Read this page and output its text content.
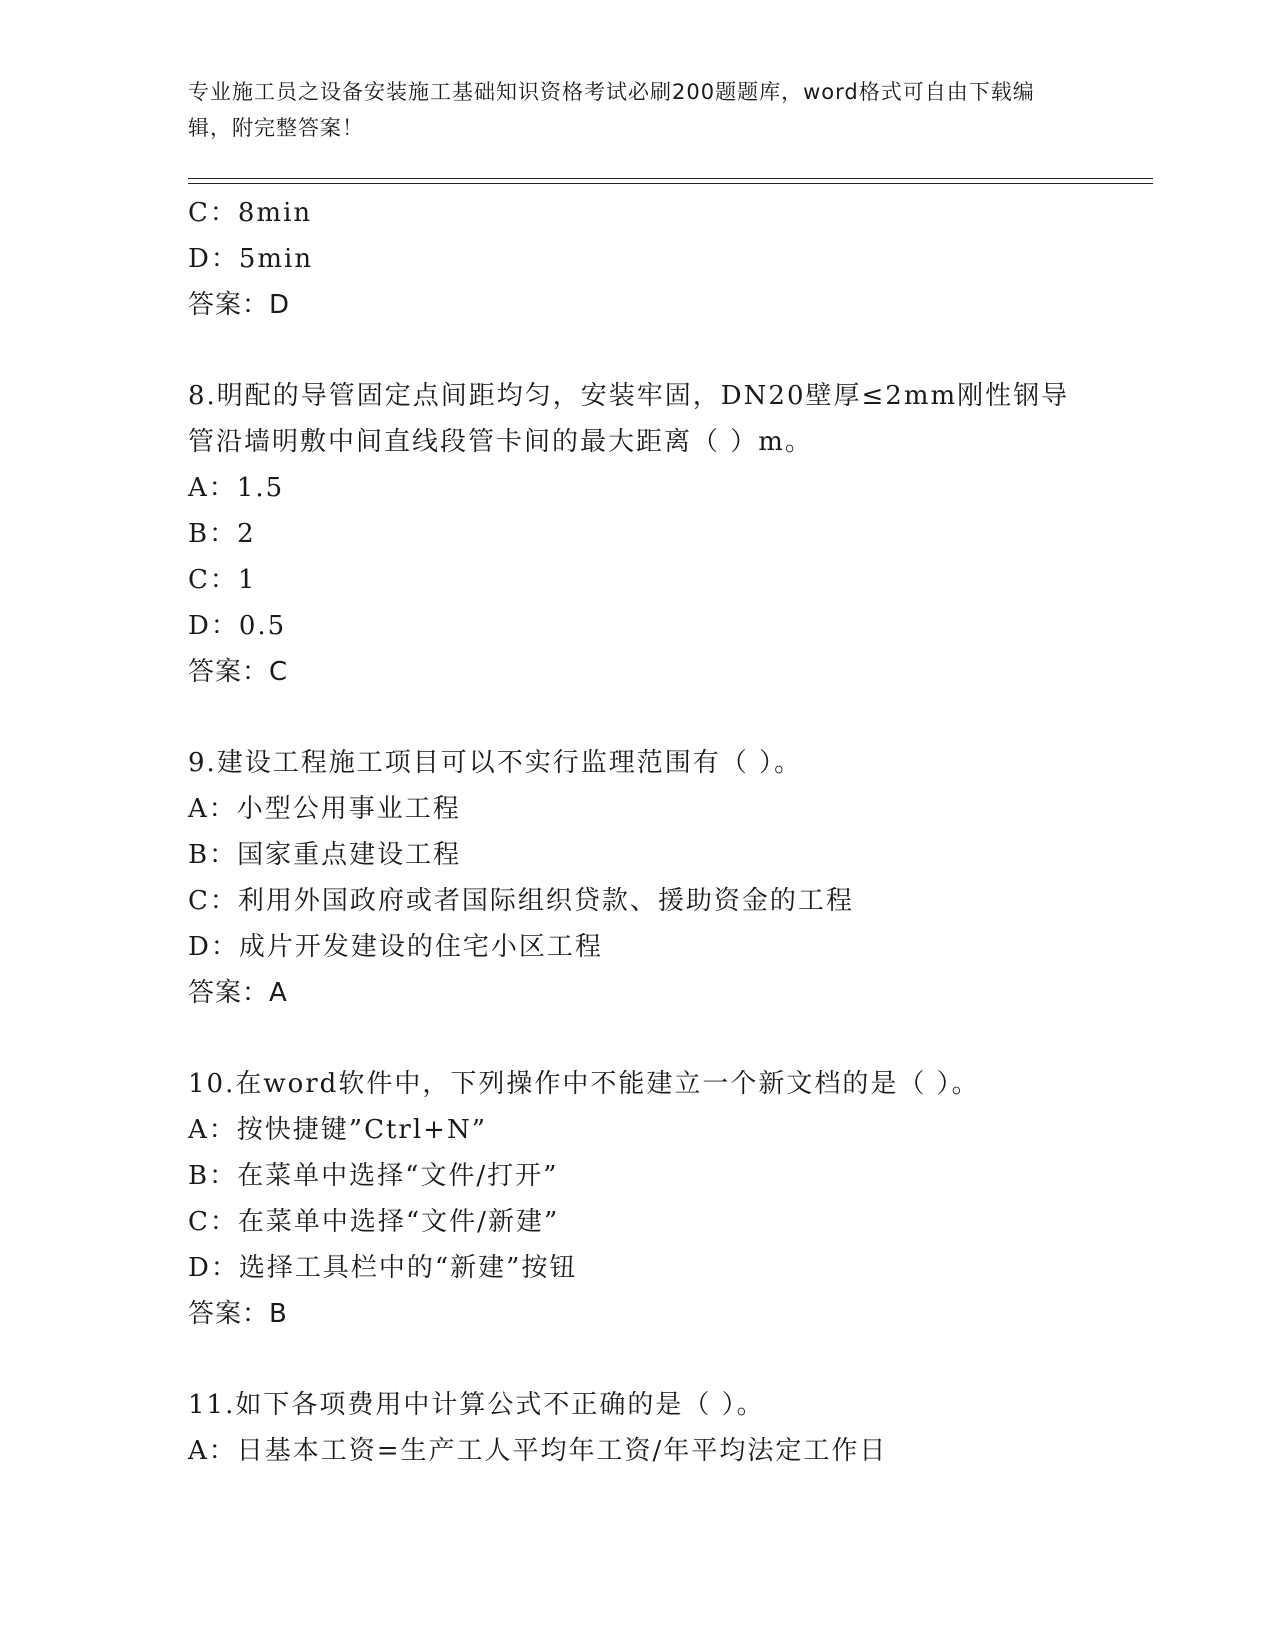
专业施工员之设备安装施工基础知识资格考试必刷200题题库，word格式可自由下载编辑，附完整答案！
C：8min
D：5min
答案：D
8.明配的导管固定点间距均匀，安装牢固，DN20壁厚≤2mm刚性钢导
管沿墙明敷中间直线段管卡间的最大距离（ ）m。
A：1.5
B：2
C：1
D：0.5
答案：C
9.建设工程施工项目可以不实行监理范围有（ ）。
A：小型公用事业工程
B：国家重点建设工程
C：利用外国政府或者国际组织贷款、援助资金的工程
D：成片开发建设的住宅小区工程
答案：A
10.在word软件中，下列操作中不能建立一个新文档的是（ ）。
A：按快捷键”Ctrl+N”
B：在菜单中选择“文件/打开”
C：在菜单中选择“文件/新建”
D：选择工具栏中的“新建”按钮
答案：B
11.如下各项费用中计算公式不正确的是（ ）。
A：日基本工资=生产工人平均年工资/年平均法定工作日
